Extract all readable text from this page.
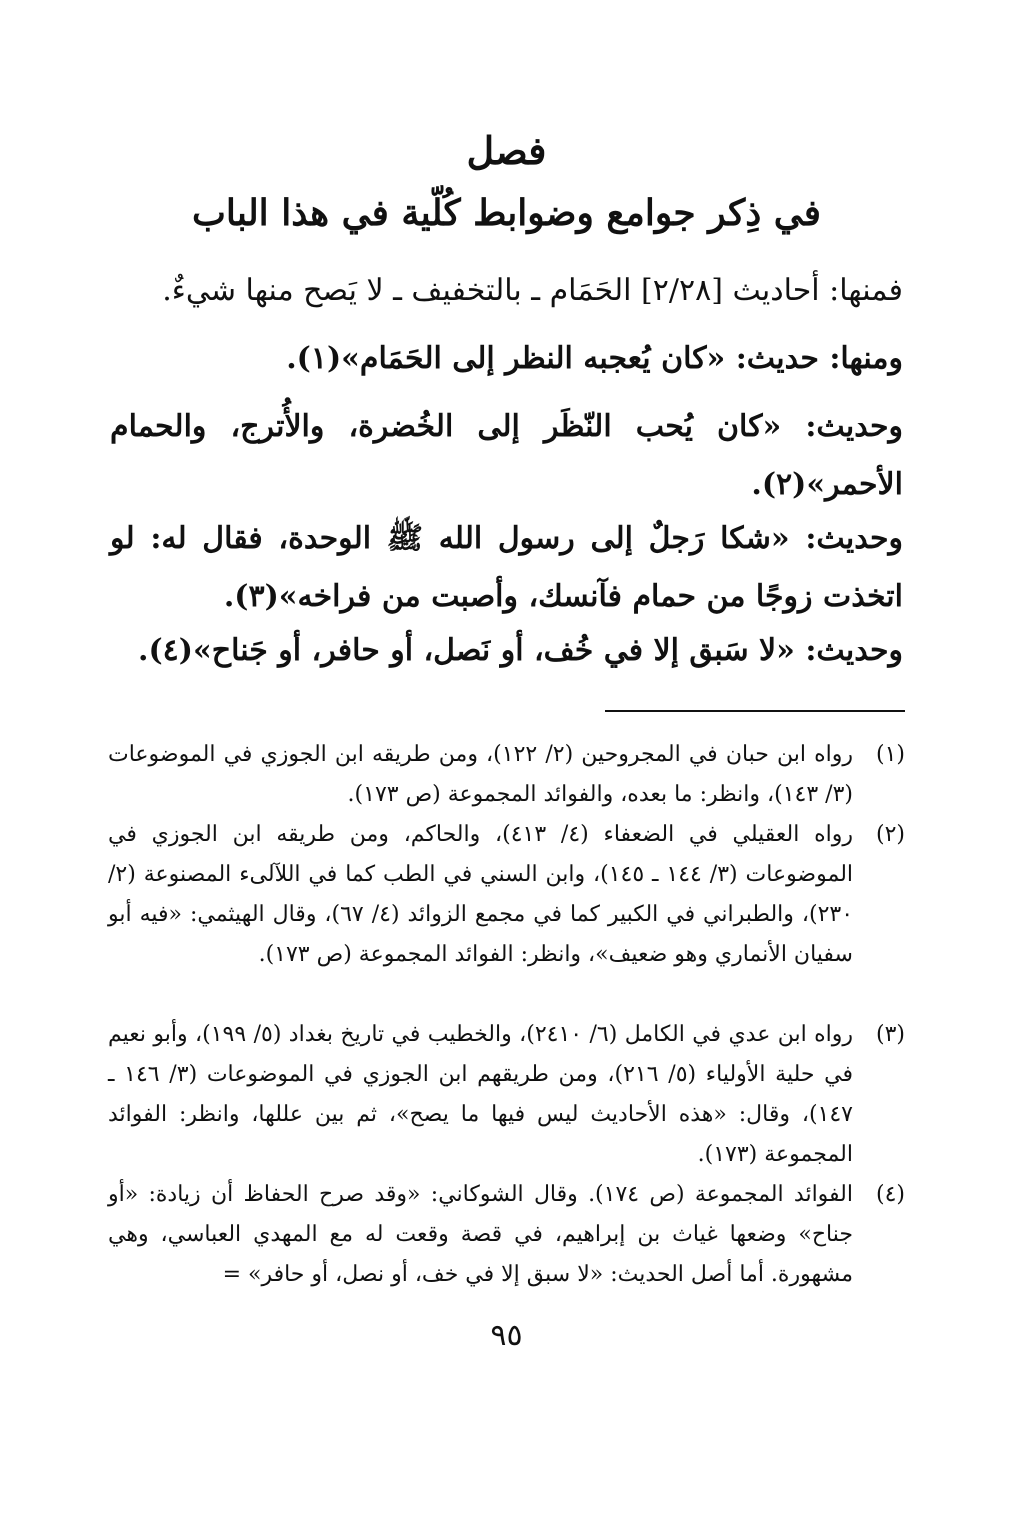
فصل
في ذِكر جوامع وضوابط كُلّية في هذا الباب
فمنها: أحاديث [٢/٢٨] الحَمَام ـ بالتخفيف ـ لا يَصح منها شيءٌ.
ومنها: حديث: «كان يُعجبه النظر إلى الحَمَام»(١).
وحديث: «كان يُحب النّظَر إلى الخُضرة، والأُترج، والحمام الأحمر»(٢).
وحديث: «شكا رَجلٌ إلى رسول الله ﷺ الوحدة، فقال له: لو اتخذت زوجًا من حمام فآنسك، وأصبت من فراخه»(٣).
وحديث: «لا سَبق إلا في خُف، أو نَصل، أو حافر، أو جَناح»(٤).
(١)
رواه ابن حبان في المجروحين (٢/ ١٢٢)، ومن طريقه ابن الجوزي في الموضوعات (٣/ ١٤٣)، وانظر: ما بعده، والفوائد المجموعة (ص ١٧٣).
(٢)
رواه العقيلي في الضعفاء (٤/ ٤١٣)، والحاكم، ومن طريقه ابن الجوزي في الموضوعات (٣/ ١٤٤ ـ ١٤٥)، وابن السني في الطب كما في اللآلىء المصنوعة (٢/ ٢٣٠)، والطبراني في الكبير كما في مجمع الزوائد (٤/ ٦٧)، وقال الهيثمي: «فيه أبو سفيان الأنماري وهو ضعيف»، وانظر: الفوائد المجموعة (ص ١٧٣).
(٣)
رواه ابن عدي في الكامل (٦/ ٢٤١٠)، والخطيب في تاريخ بغداد (٥/ ١٩٩)، وأبو نعيم في حلية الأولياء (٥/ ٢١٦)، ومن طريقهم ابن الجوزي في الموضوعات (٣/ ١٤٦ ـ ١٤٧)، وقال: «هذه الأحاديث ليس فيها ما يصح»، ثم بين عللها، وانظر: الفوائد المجموعة (١٧٣).
(٤)
الفوائد المجموعة (ص ١٧٤). وقال الشوكاني: «وقد صرح الحفاظ أن زيادة: «أو جناح» وضعها غياث بن إبراهيم، في قصة وقعت له مع المهدي العباسي، وهي مشهورة. أما أصل الحديث: «لا سبق إلا في خف، أو نصل، أو حافر» =
٩٥
